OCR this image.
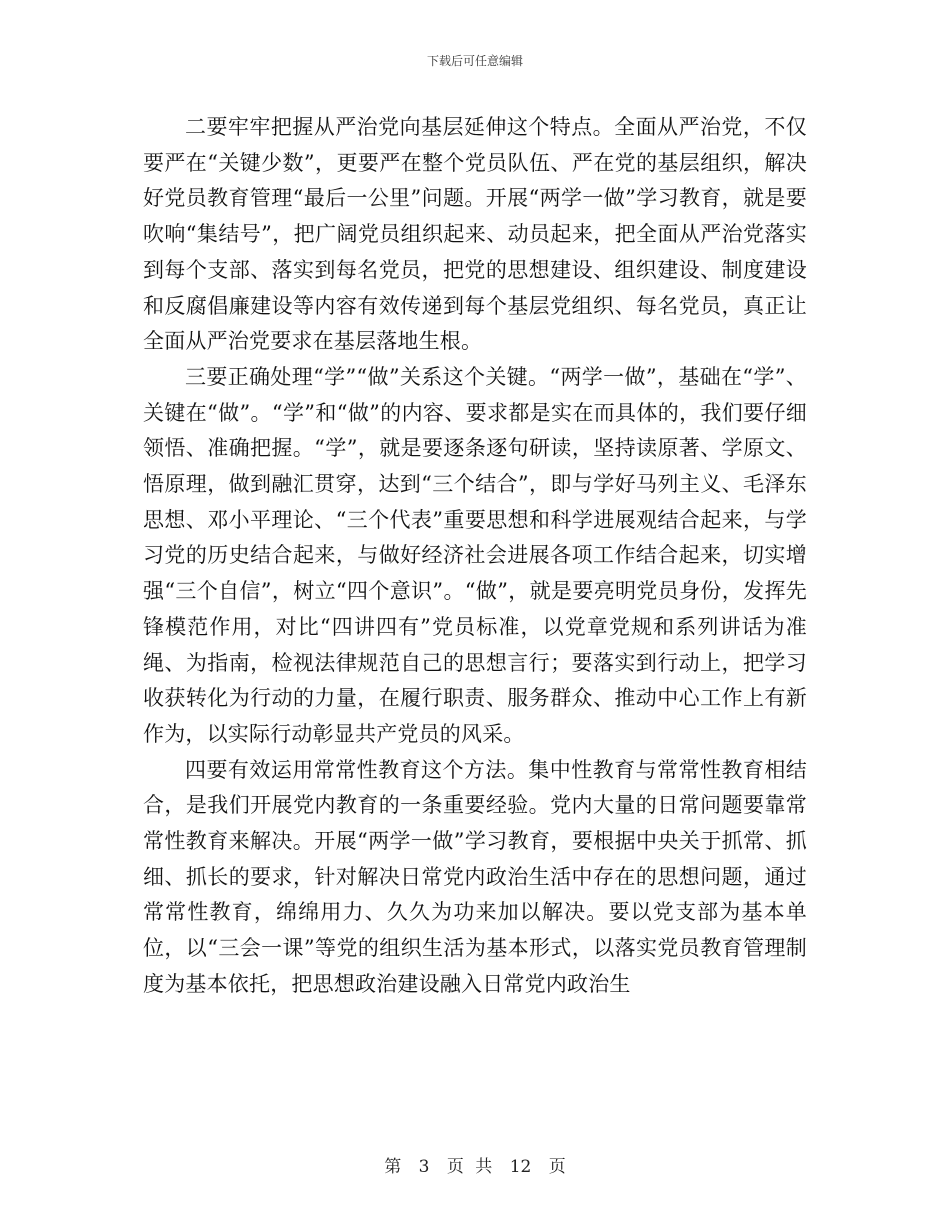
下载后可任意编辑

二要牢牢把握从严治党向基层延伸这个特点。全面从严治党，不仅要严在“关键少数”，更要严在整个党员队伍、严在党的基层组织，解决好党员教育管理“最后一公里”问题。开展“两学一做”学习教育，就是要吹响“集结号”，把广阔党员组织起来、动员起来，把全面从严治党落实到每个支部、落实到每名党员，把党的思想建设、组织建设、制度建设和反腐倡廉建设等内容有效传递到每个基层党组织、每名党员，真正让全面从严治党要求在基层落地生根。

三要正确处理“学”“做”关系这个关键。“两学一做”，基础在“学”、关键在“做”。“学”和“做”的内容、要求都是实在而具体的，我们要仔细领悟、准确把握。“学”，就是要逐条逐句研读，坚持读原著、学原文、悟原理，做到融汇贯穿，达到“三个结合”，即与学好马列主义、毛泽东思想、邓小平理论、“三个代表”重要思想和科学进展观结合起来，与学习党的历史结合起来，与做好经济社会进展各项工作结合起来，切实增强“三个自信”，树立“四个意识”。“做”，就是要亮明党员身份，发挥先锋模范作用，对比“四讲四有”党员标准，以党章党规和系列讲话为准绳、为指南，检视法律规范自己的思想言行；要落实到行动上，把学习收获转化为行动的力量，在履行职责、服务群众、推动中心工作上有新作为，以实际行动彰显共产党员的风采。

四要有效运用常常性教育这个方法。集中性教育与常常性教育相结合，是我们开展党内教育的一条重要经验。党内大量的日常问题要靠常常性教育来解决。开展“两学一做”学习教育，要根据中央关于抓常、抓细、抓长的要求，针对解决日常党内政治生活中存在的思想问题，通过常常性教育，绵绵用力、久久为功来加以解决。要以党支部为基本单位，以“三会一课”等党的组织生活为基本形式，以落实党员教育管理制度为基本依托，把思想政治建设融入日常党内政治生

第 3 页 共 12 页
